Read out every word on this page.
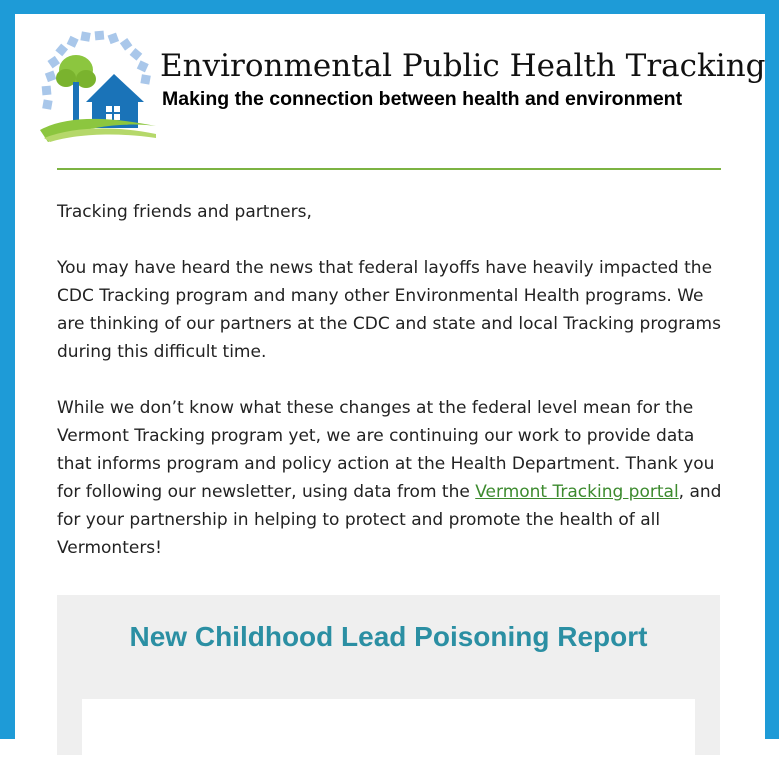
Environmental Public Health Tracking
Making the connection between health and environment

Tracking friends and partners,

You may have heard the news that federal layoffs have heavily impacted the CDC Tracking program and many other Environmental Health programs. We are thinking of our partners at the CDC and state and local Tracking programs during this difficult time.

While we don’t know what these changes at the federal level mean for the Vermont Tracking program yet, we are continuing our work to provide data that informs program and policy action at the Health Department. Thank you for following our newsletter, using data from the Vermont Tracking portal, and for your partnership in helping to protect and promote the health of all Vermonters!

New Childhood Lead Poisoning Report
